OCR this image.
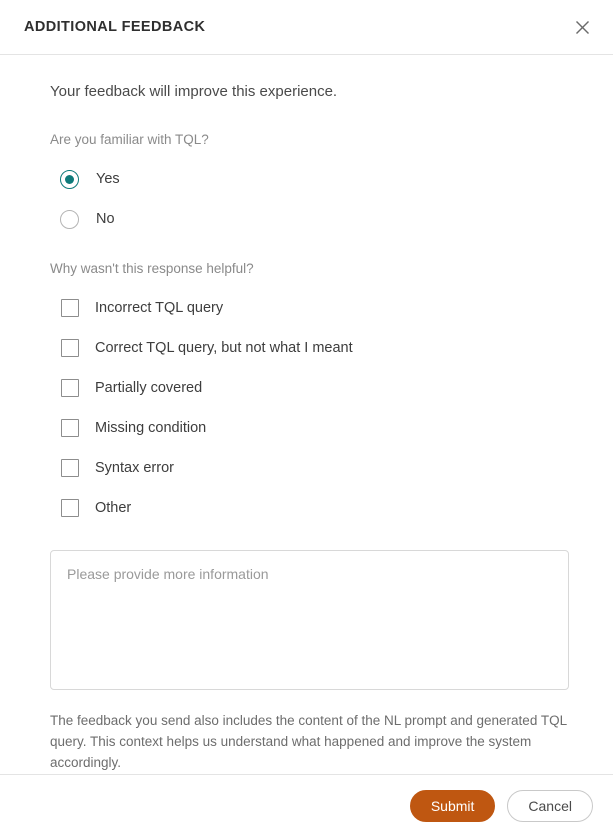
ADDITIONAL FEEDBACK

Your feedback will improve this experience.

Are you familiar with TQL?
Yes
No
Why wasn't this response helpful?
Incorrect TQL query
Correct TQL query, but not what I meant
Partially covered
Missing condition
Syntax error
Other
Please provide more information

The feedback you send also includes the content of the NL prompt and generated TQL query. This context helps us understand what happened and improve the system accordingly.

Submit	Cancel
